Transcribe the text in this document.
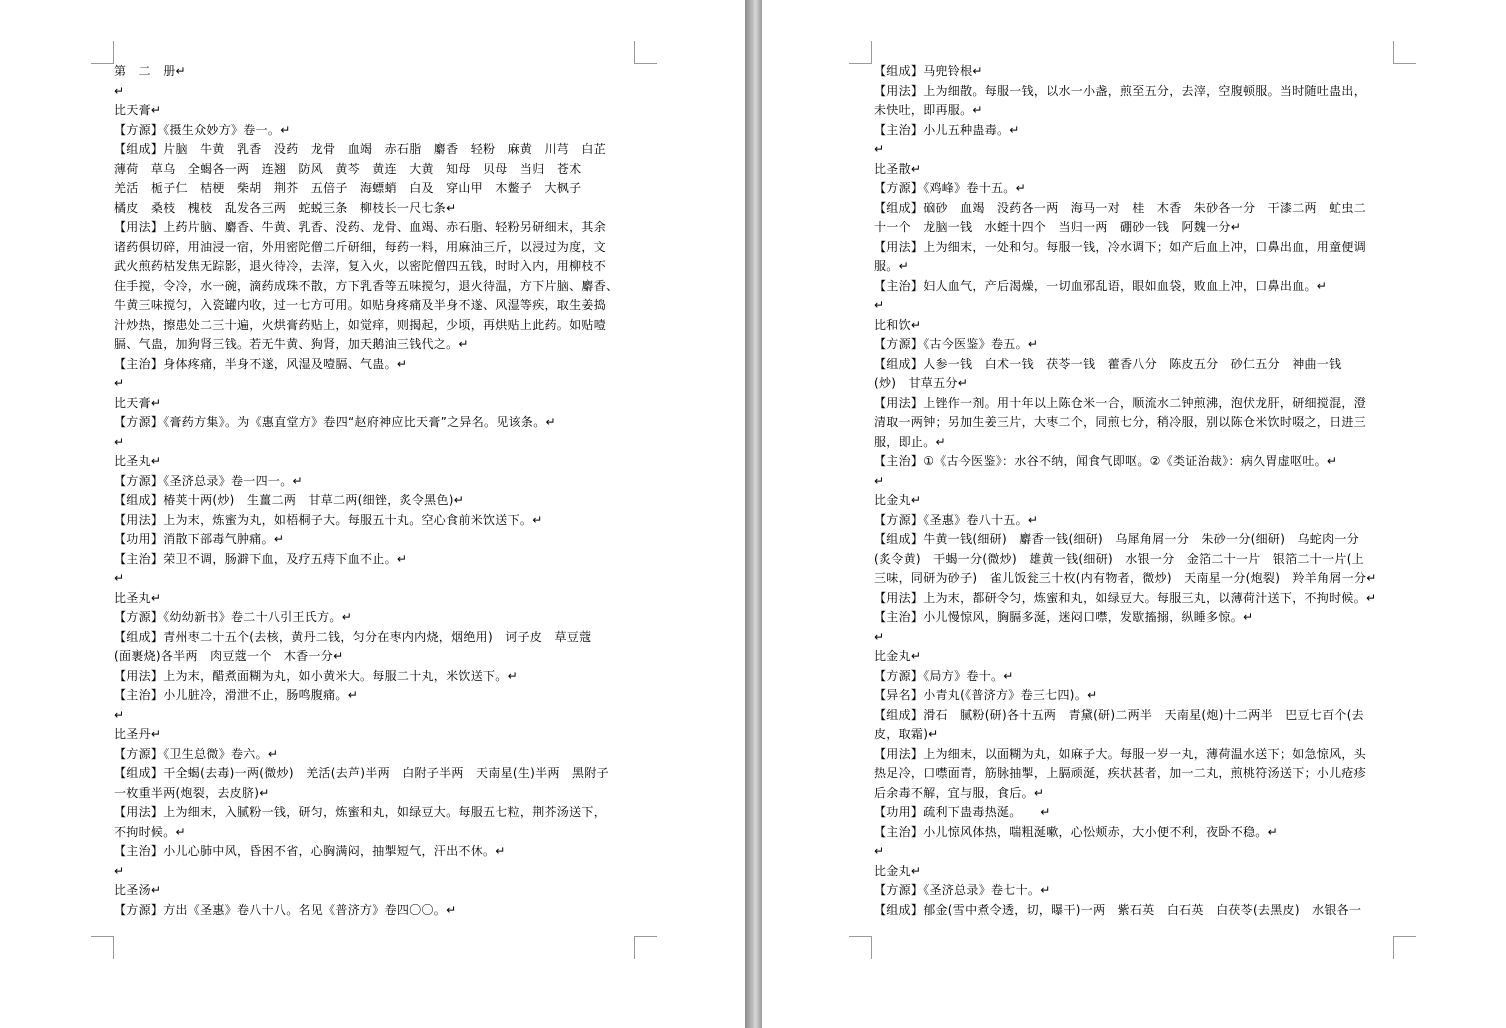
第　二　册↵
↵
比天膏↵
【方源】《摄生众妙方》卷一。↵
【组成】片脑　牛黄　乳香　没药　龙骨　血竭　赤石脂　麝香　轻粉　麻黄　川芎　白芷
薄荷　草乌　全蝎各一两　连翘　防风　黄芩　黄连　大黄　知母　贝母　当归　苍术
羌活　栀子仁　桔梗　柴胡　荆芥　五倍子　海螵蛸　白及　穿山甲　木鳖子　大枫子
橘皮　桑枝　槐枝　乱发各三两　蛇蜕三条　柳枝长一尺七条↵
【用法】上药片脑、麝香、牛黄、乳香、没药、龙骨、血竭、赤石脂、轻粉另研细末，其余
诸药俱切碎，用油浸一宿，外用密陀僧二斤研细，每药一料，用麻油三斤，以浸过为度，文
武火煎药枯发焦无踪影，退火待冷，去滓，复入火，以密陀僧四五钱，时时入内，用柳枝不
住手搅，令冷，水一碗，滴药成珠不散，方下乳香等五味搅匀，退火待温，方下片脑、麝香、
牛黄三味搅匀，入瓷罐内收，过一七方可用。如贴身疼痛及半身不遂、风湿等疾，取生姜捣
汁炒热，擦患处二三十遍，火烘膏药贴上，如觉痒，则揭起，少顷，再烘贴上此药。如贴噎
膈、气蛊，加狗肾三钱。若无牛黄、狗肾，加天鹅油三钱代之。↵
【主治】身体疼痛，半身不遂，风湿及噎膈、气蛊。↵
↵
比天膏↵
【方源】《膏药方集》。为《惠直堂方》卷四“赵府神应比天膏”之异名。见该条。↵
↵
比圣丸↵
【方源】《圣济总录》卷一四一。↵
【组成】椿荚十两(炒)　生薑二两　甘草二两(细锉，炙令黑色)↵
【用法】上为末，炼蜜为丸，如梧桐子大。每服五十丸。空心食前米饮送下。↵
【功用】消散下部毒气肿痛。↵
【主治】荣卫不调，肠澼下血，及疗五痔下血不止。↵
↵
比圣丸↵
【方源】《幼幼新书》卷二十八引王氏方。↵
【组成】青州枣二十五个(去核，黄丹二钱，匀分在枣内内烧，烟绝用)　诃子皮　草豆蔻
(面裹烧)各半两　肉豆蔻一个　木香一分↵
【用法】上为末，醋煮面糊为丸，如小黄米大。每服二十丸，米饮送下。↵
【主治】小儿脏冷，滑泄不止，肠鸣腹痛。↵
↵
比圣丹↵
【方源】《卫生总微》卷六。↵
【组成】干全蝎(去毒)一两(微炒)　羌活(去芦)半两　白附子半两　天南星(生)半两　黑附子
一枚重半两(炮裂，去皮脐)↵
【用法】上为细末，入腻粉一钱，研匀，炼蜜和丸，如绿豆大。每服五七粒，荆芥汤送下，
不拘时候。↵
【主治】小儿心肺中风，昏困不省，心胸满闷，抽掣短气，汗出不休。↵
↵
比圣汤↵
【方源】方出《圣惠》卷八十八。名见《普济方》卷四〇〇。↵
【组成】马兜铃根↵
【用法】上为细散。每服一钱，以水一小盏，煎至五分，去滓，空腹顿服。当时随吐蛊出，
未快吐，即再服。↵
【主治】小儿五种蛊毒。↵
↵
比圣散↵
【方源】《鸡峰》卷十五。↵
【组成】硇砂　血竭　没药各一两　海马一对　桂　木香　朱砂各一分　干漆二两　虻虫二
十一个　龙脑一钱　水蛭十四个　当归一两　硼砂一钱　阿魏一分↵
【用法】上为细末，一处和匀。每服一钱，冷水调下；如产后血上冲，口鼻出血，用童便调
服。↵
【主治】妇人血气，产后渴燥，一切血邪乱语，眼如血袋，败血上冲，口鼻出血。↵
↵
比和饮↵
【方源】《古今医鉴》卷五。↵
【组成】人参一钱　白术一钱　茯苓一钱　藿香八分　陈皮五分　砂仁五分　神曲一钱
(炒)　甘草五分↵
【用法】上锉作一剂。用十年以上陈仓米一合，顺流水二钟煎沸，泡伏龙肝，研细搅混，澄
清取一两钟；另加生姜三片，大枣二个，同煎七分，稍冷服，别以陈仓米饮时啜之，日进三
服，即止。↵
【主治】①《古今医鉴》：水谷不纳，闻食气即呕。②《类证治裁》：病久胃虚呕吐。↵
↵
比金丸↵
【方源】《圣惠》卷八十五。↵
【组成】牛黄一钱(细研)　麝香一钱(细研)　乌犀角屑一分　朱砂一分(细研)　乌蛇肉一分
(炙令黄)　干蝎一分(微炒)　雄黄一钱(细研)　水银一分　金箔二十一片　银箔二十一片(上
三味，同研为砂子)　雀儿饭瓮三十枚(内有物者，微炒)　天南星一分(炮裂)　羚羊角屑一分↵
【用法】上为末，都研令匀，炼蜜和丸，如绿豆大。每服三丸，以薄荷汁送下，不拘时候。↵
【主治】小儿慢惊风，胸膈多涎，迷闷口噤，发歇搐搦，纵睡多惊。↵
↵
比金丸↵
【方源】《局方》卷十。↵
【异名】小青丸(《普济方》卷三七四)。↵
【组成】滑石　腻粉(研)各十五两　青黛(研)二两半　天南星(炮)十二两半　巴豆七百个(去
皮，取霜)↵
【用法】上为细末，以面糊为丸，如麻子大。每服一岁一丸，薄荷温水送下；如急惊风，头
热足冷，口噤面青，筋脉抽掣，上膈顽涎，疾状甚者，加一二丸，煎桃符汤送下；小儿疮疹
后余毒不解，宜与服，食后。↵
【功用】疏利下蛊毒热涎。　　↵
【主治】小儿惊风体热，喘粗涎嗽，心忪颊赤，大小便不利，夜卧不稳。↵
↵
比金丸↵
【方源】《圣济总录》卷七十。↵
【组成】郁金(雪中煮令透，切，曝干)一两　紫石英　白石英　白茯苓(去黑皮)　水银各一
